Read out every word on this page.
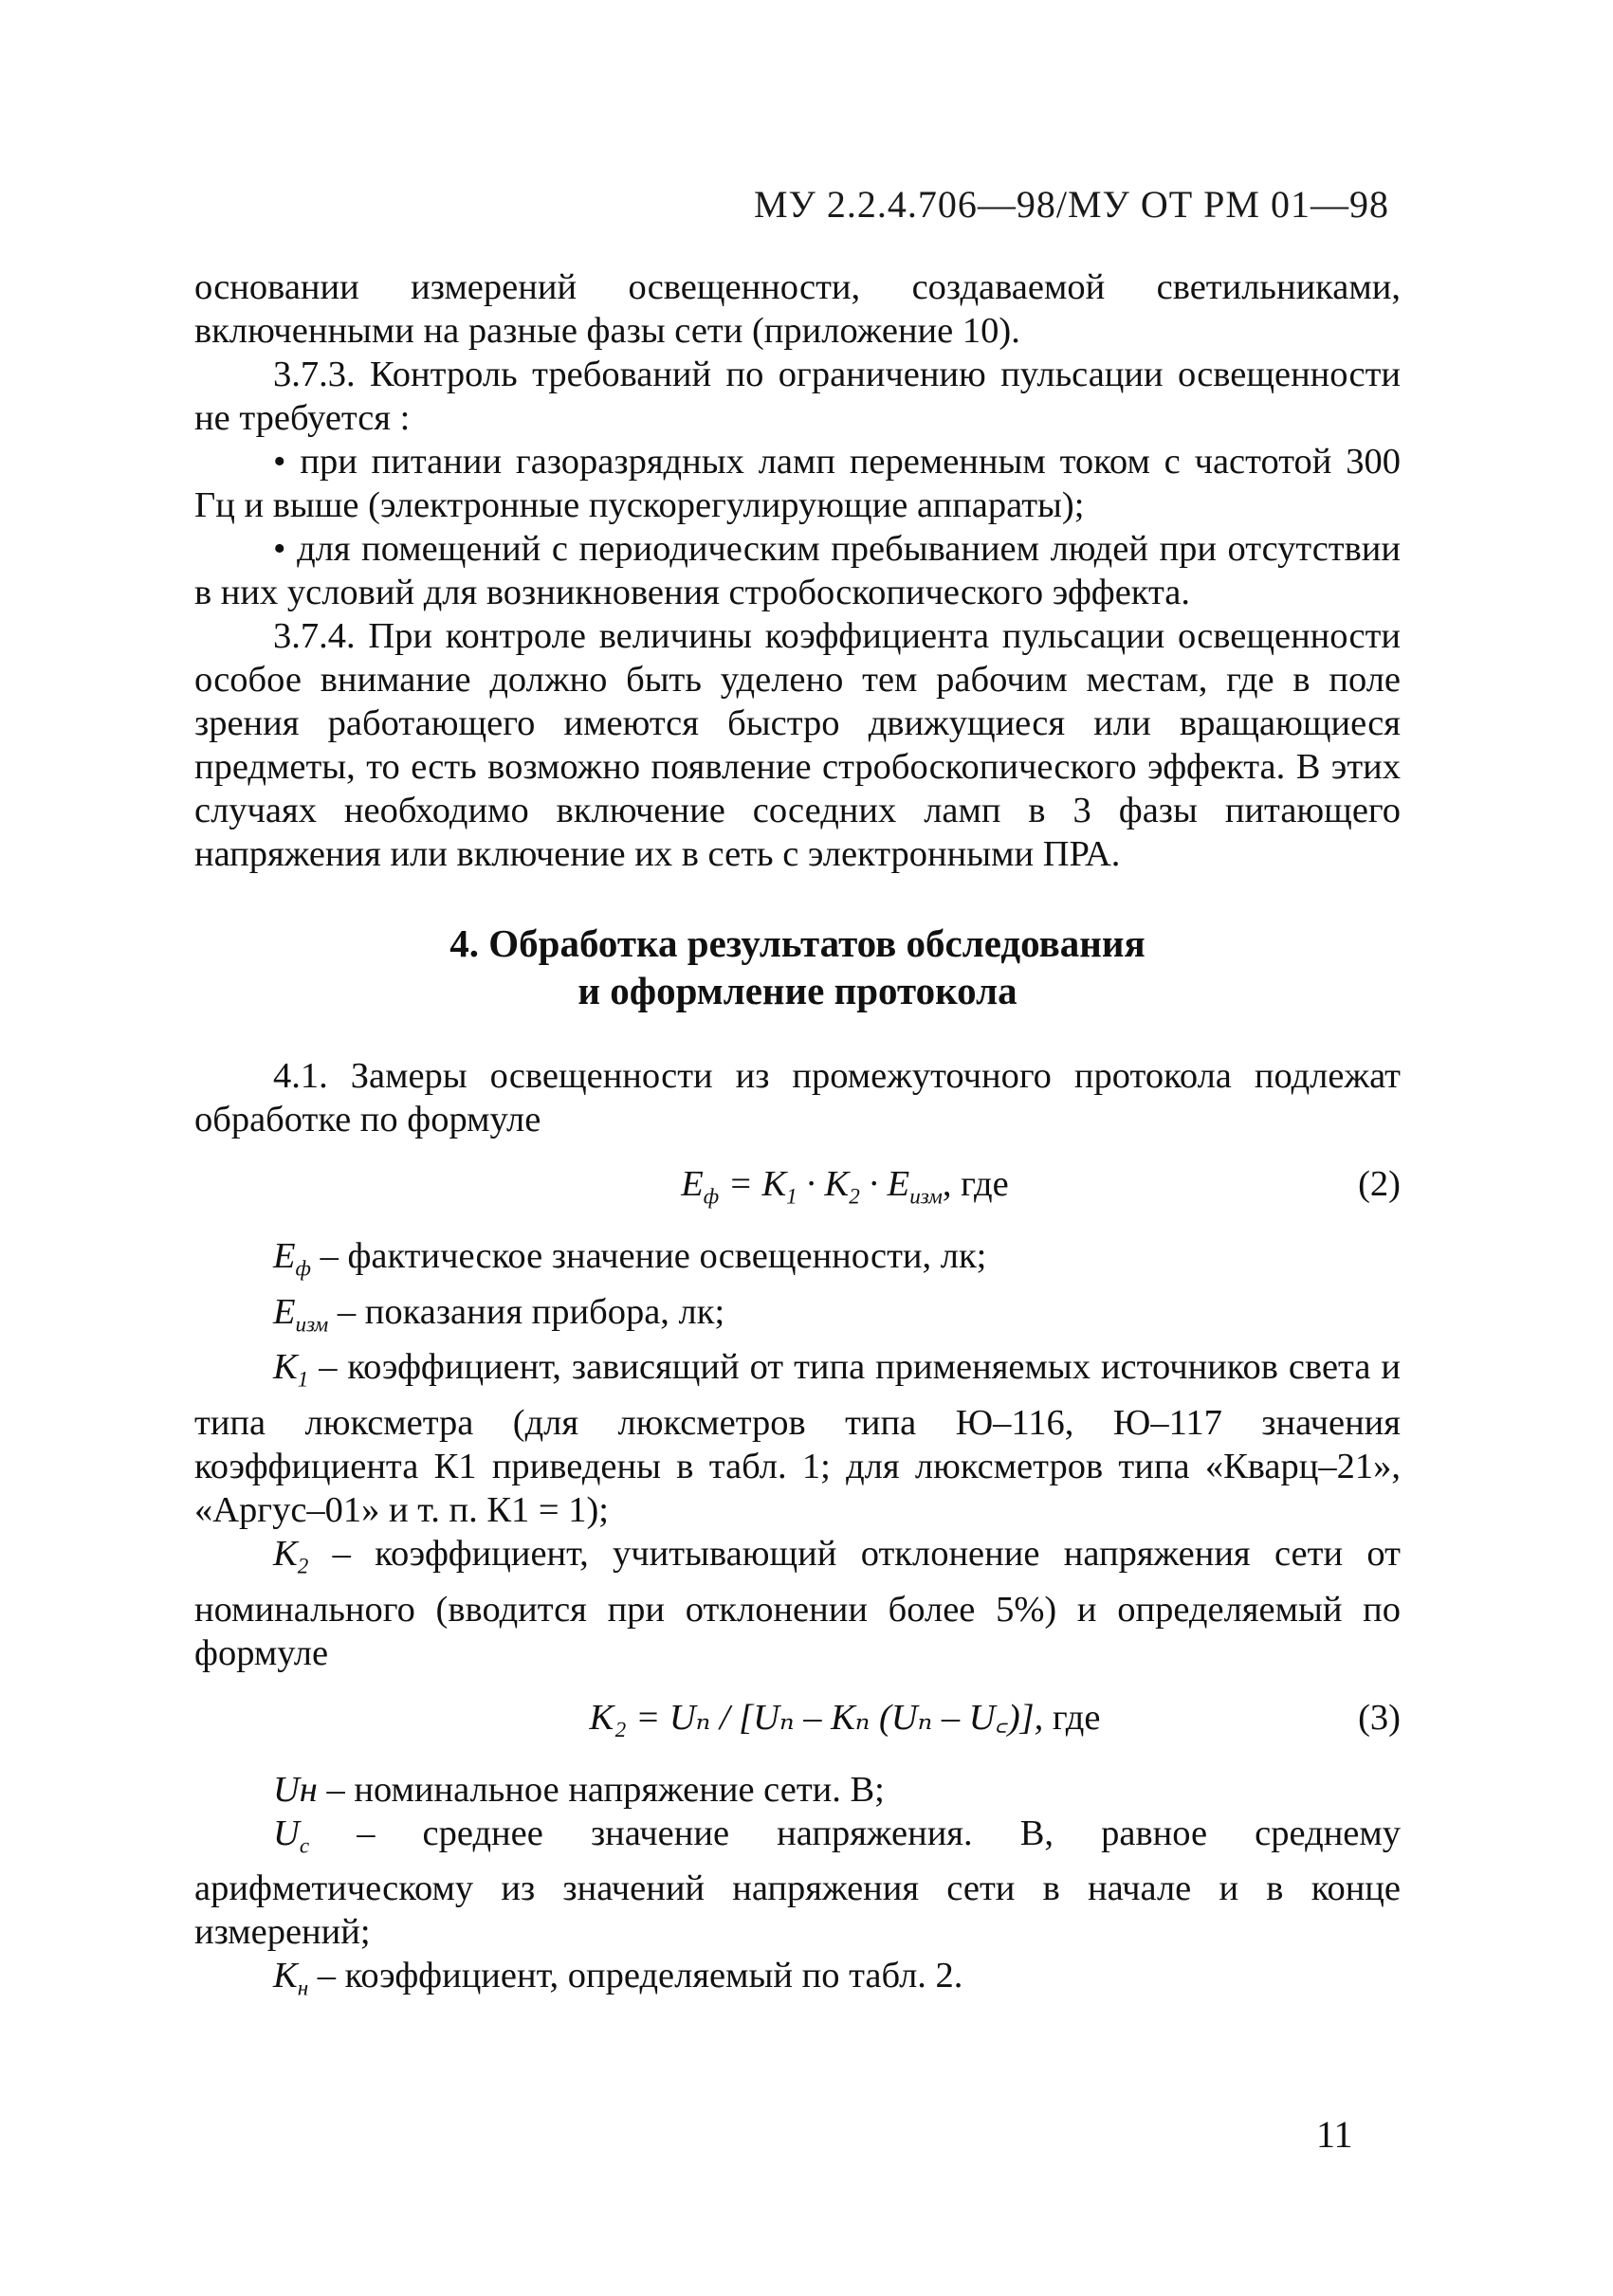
МУ 2.2.4.706—98/МУ ОТ РМ 01—98

основании измерений освещенности, создаваемой светильниками, включенными на разные фазы сети (приложение 10).

3.7.3. Контроль требований по ограничению пульсации освещенности не требуется :

• при питании газоразрядных ламп переменным током с частотой 300 Гц и выше (электронные пускорегулирующие аппараты);

• для помещений с периодическим пребыванием людей при отсутствии в них условий для возникновения стробоскопического эффекта.

3.7.4. При контроле величины коэффициента пульсации освещенности особое внимание должно быть уделено тем рабочим местам, где в поле зрения работающего имеются быстро движущиеся или вращающиеся предметы, то есть возможно появление стробоскопического эффекта. В этих случаях необходимо включение соседних ламп в 3 фазы питающего напряжения или включение их в сеть с электронными ПРА.

4. Обработка результатов обследования
и оформление протокола

4.1. Замеры освещенности из промежуточного протокола подлежат обработке по формуле

$E_ф = K_1 \cdot K_2 \cdot E_{изм}$, где	(2)

$E_ф$ – фактическое значение освещенности, лк;

$E_{изм}$ – показания прибора, лк;

$K_1$ – коэффициент, зависящий от типа применяемых источников света и типа люксметра (для люксметров типа Ю–116, Ю–117 значения коэффициента К1 приведены в табл. 1; для люксметров типа «Кварц–21», «Аргус–01» и т. п. К1 = 1);

$K_2$ – коэффициент, учитывающий отклонение напряжения сети от номинального (вводится при отклонении более 5%) и определяемый по формуле

K₂ = Uₙ / [Uₙ – Kₙ (Uₙ – U꜀)], где	(3)

Uн – номинальное напряжение сети. В;

$U_с$ – среднее значение напряжения. В, равное среднему арифметическому из значений напряжения сети в начале и в конце измерений;

$K_н$ – коэффициент, определяемый по табл. 2.

11
